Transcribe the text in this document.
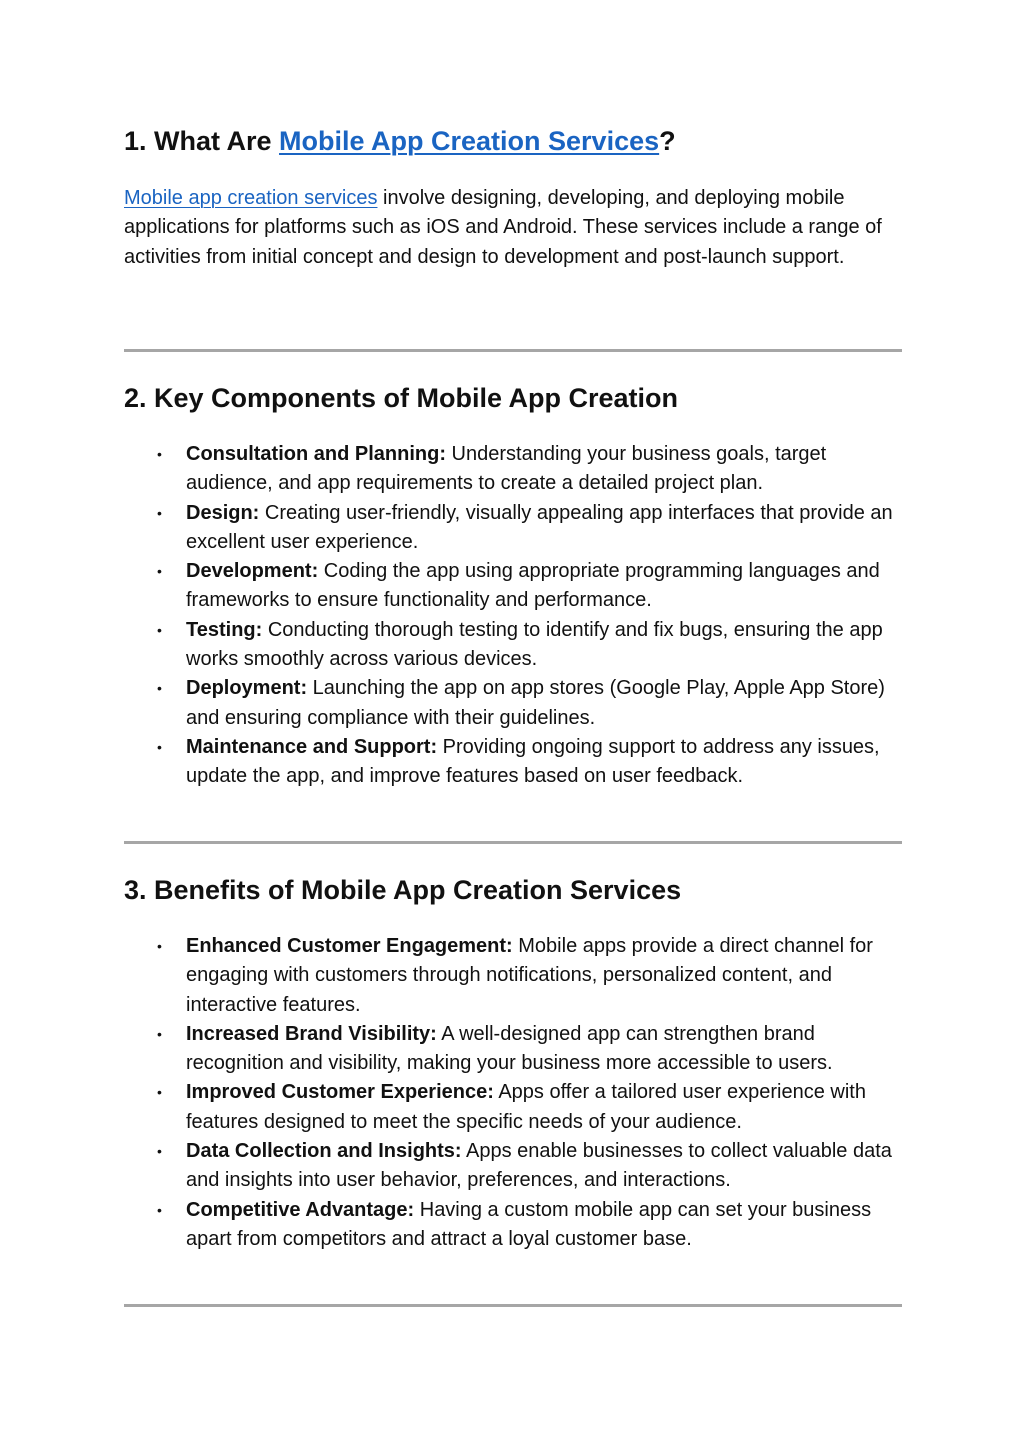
1. What Are Mobile App Creation Services?

Mobile app creation services involve designing, developing, and deploying mobile applications for platforms such as iOS and Android. These services include a range of activities from initial concept and design to development and post-launch support.

2. Key Components of Mobile App Creation
• Consultation and Planning: Understanding your business goals, target audience, and app requirements to create a detailed project plan.
• Design: Creating user-friendly, visually appealing app interfaces that provide an excellent user experience.
• Development: Coding the app using appropriate programming languages and frameworks to ensure functionality and performance.
• Testing: Conducting thorough testing to identify and fix bugs, ensuring the app works smoothly across various devices.
• Deployment: Launching the app on app stores (Google Play, Apple App Store) and ensuring compliance with their guidelines.
• Maintenance and Support: Providing ongoing support to address any issues, update the app, and improve features based on user feedback.
3. Benefits of Mobile App Creation Services
• Enhanced Customer Engagement: Mobile apps provide a direct channel for engaging with customers through notifications, personalized content, and interactive features.
• Increased Brand Visibility: A well-designed app can strengthen brand recognition and visibility, making your business more accessible to users.
• Improved Customer Experience: Apps offer a tailored user experience with features designed to meet the specific needs of your audience.
• Data Collection and Insights: Apps enable businesses to collect valuable data and insights into user behavior, preferences, and interactions.
• Competitive Advantage: Having a custom mobile app can set your business apart from competitors and attract a loyal customer base.
